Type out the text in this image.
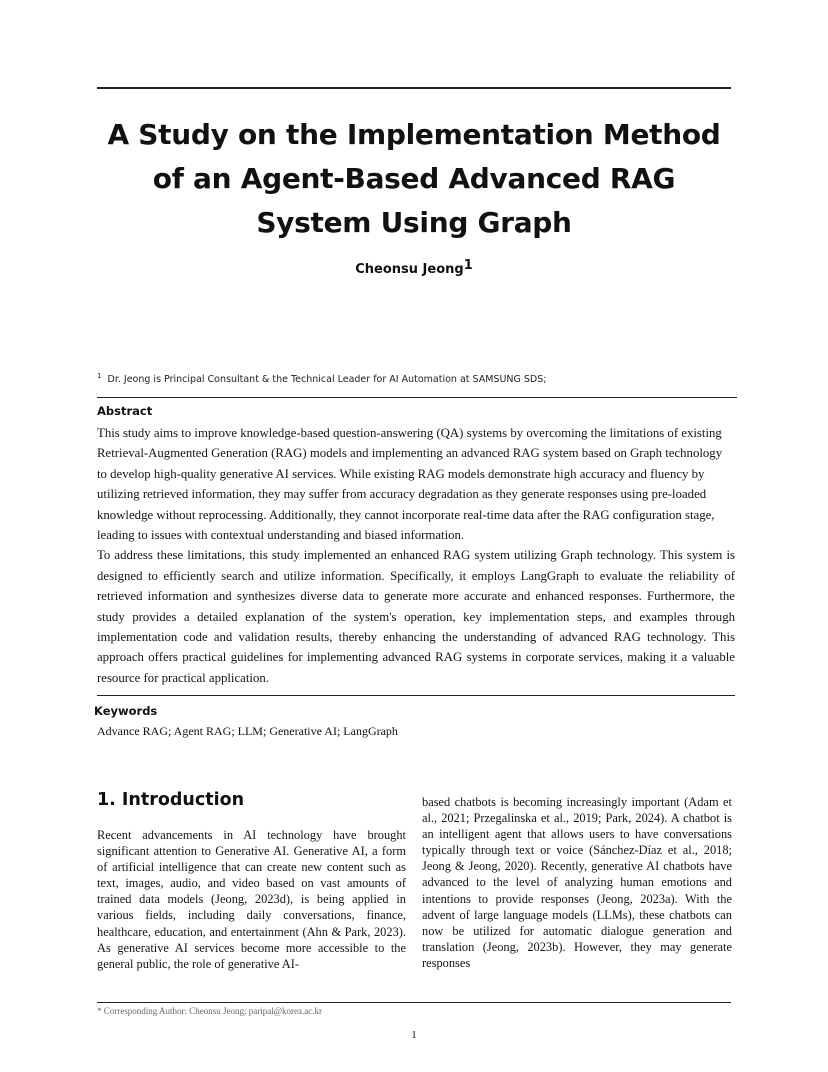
A Study on the Implementation Method
of an Agent-Based Advanced RAG
System Using Graph
Cheonsu Jeong$^1$
$^1$ Dr. Jeong is Principal Consultant & the Technical Leader for AI Automation at SAMSUNG SDS;
Abstract

This study aims to improve knowledge-based question-answering (QA) systems by overcoming the limitations of existing Retrieval-Augmented Generation (RAG) models and implementing an advanced RAG system based on Graph technology to develop high-quality generative AI services. While existing RAG models demonstrate high accuracy and fluency by utilizing retrieved information, they may suffer from accuracy degradation as they generate responses using pre-loaded knowledge without reprocessing. Additionally, they cannot incorporate real-time data after the RAG configuration stage, leading to issues with contextual understanding and biased information.

To address these limitations, this study implemented an enhanced RAG system utilizing Graph technology. This system is designed to efficiently search and utilize information. Specifically, it employs LangGraph to evaluate the reliability of retrieved information and synthesizes diverse data to generate more accurate and enhanced responses. Furthermore, the study provides a detailed explanation of the system's operation, key implementation steps, and examples through implementation code and validation results, thereby enhancing the understanding of advanced RAG technology. This approach offers practical guidelines for implementing advanced RAG systems in corporate services, making it a valuable resource for practical application.

Keywords
Advance RAG; Agent RAG; LLM; Generative AI; LangGraph
1. Introduction

Recent advancements in AI technology have brought significant attention to Generative AI. Generative AI, a form of artificial intelligence that can create new content such as text, images, audio, and video based on vast amounts of trained data models (Jeong, 2023d), is being applied in various fields, including daily conversations, finance, healthcare, education, and entertainment (Ahn & Park, 2023). As generative AI services become more accessible to the general public, the role of generative AI-

based chatbots is becoming increasingly important (Adam et al., 2021; Przegalinska et al., 2019; Park, 2024). A chatbot is an intelligent agent that allows users to have conversations typically through text or voice (Sánchez-Díaz et al., 2018; Jeong & Jeong, 2020). Recently, generative AI chatbots have advanced to the level of analyzing human emotions and intentions to provide responses (Jeong, 2023a). With the advent of large language models (LLMs), these chatbots can now be utilized for automatic dialogue generation and translation (Jeong, 2023b). However, they may generate responses

* Corresponding Author: Cheonsu Jeong; paripal@korea.ac.kr
1
